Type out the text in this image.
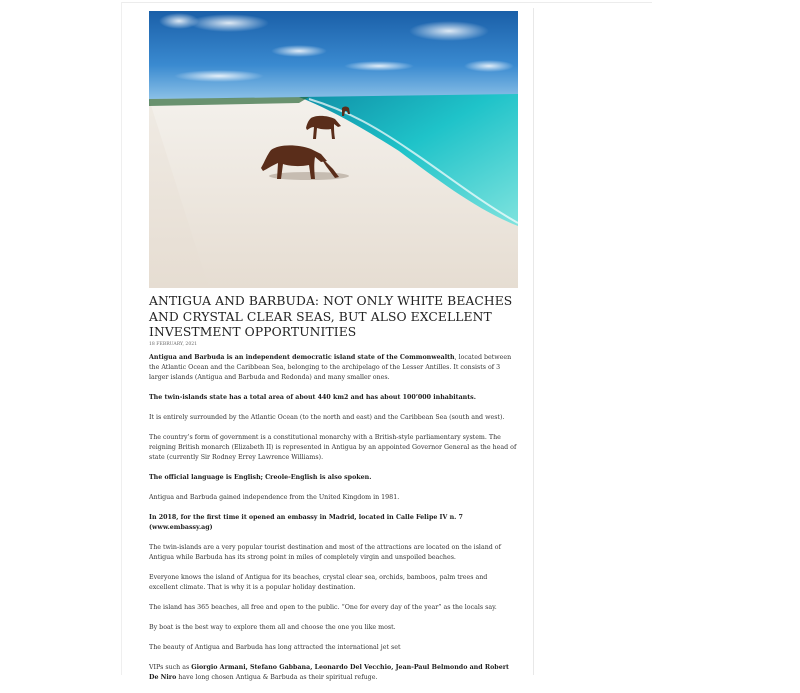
ANTIGUA AND BARBUDA: NOT ONLY WHITE BEACHES AND CRYSTAL CLEAR SEAS, BUT ALSO EXCELLENT INVESTMENT OPPORTUNITIES
18 FEBRUARY, 2021

Antigua and Barbuda is an independent democratic island state of the Commonwealth, located between the Atlantic Ocean and the Caribbean Sea, belonging to the archipelago of the Lesser Antilles. It consists of 3 larger islands (Antigua and Barbuda and Redonda) and many smaller ones.

The twin-islands state has a total area of about 440 km2 and has about 100’000 inhabitants.

It is entirely surrounded by the Atlantic Ocean (to the north and east) and the Caribbean Sea (south and west).

The country’s form of government is a constitutional monarchy with a British-style parliamentary system. The reigning British monarch (Elizabeth II) is represented in Antigua by an appointed Governor General as the head of state (currently Sir Rodney Errey Lawrence Williams).

The official language is English; Creole-English is also spoken.

Antigua and Barbuda gained independence from the United Kingdom in 1981.

In 2018, for the first time it opened an embassy in Madrid, located in Calle Felipe IV n. 7 (www.embassy.ag)

The twin-islands are a very popular tourist destination and most of the attractions are located on the island of Antigua while Barbuda has its strong point in miles of completely virgin and unspoiled beaches.

Everyone knows the island of Antigua for its beaches, crystal clear sea, orchids, bamboos, palm trees and excellent climate. That is why it is a popular holiday destination.

The island has 365 beaches, all free and open to the public. “One for every day of the year” as the locals say.

By boat is the best way to explore them all and choose the one you like most.

The beauty of Antigua and Barbuda has long attracted the international jet set

VIPs such as Giorgio Armani, Stefano Gabbana, Leonardo Del Vecchio, Jean-Paul Belmondo and Robert De Niro have long chosen Antigua & Barbuda as their spiritual refuge.
